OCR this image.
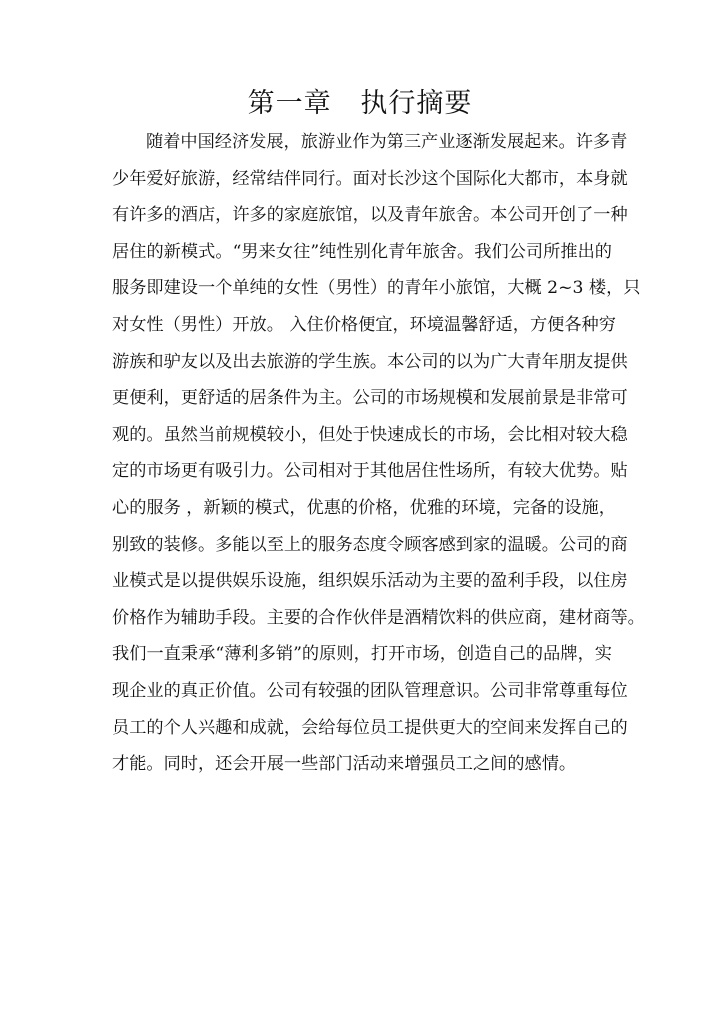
第一章   执行摘要
随着中国经济发展，旅游业作为第三产业逐渐发展起来。许多青
少年爱好旅游，经常结伴同行。面对长沙这个国际化大都市，本身就
有许多的酒店，许多的家庭旅馆，以及青年旅舍。本公司开创了一种
居住的新模式。“男来女往”纯性别化青年旅舍。我们公司所推出的
服务即建设一个单纯的女性（男性）的青年小旅馆，大概 2~3 楼，只
对女性（男性）开放。 入住价格便宜，环境温馨舒适，方便各种穷
游族和驴友以及出去旅游的学生族。本公司的以为广大青年朋友提供
更便利，更舒适的居条件为主。公司的市场规模和发展前景是非常可
观的。虽然当前规模较小，但处于快速成长的市场，会比相对较大稳
定的市场更有吸引力。公司相对于其他居住性场所，有较大优势。贴
心的服务 ，新颖的模式，优惠的价格，优雅的环境，完备的设施，
别致的装修。多能以至上的服务态度令顾客感到家的温暖。公司的商
业模式是以提供娱乐设施，组织娱乐活动为主要的盈利手段，以住房
价格作为辅助手段。主要的合作伙伴是酒精饮料的供应商，建材商等。
我们一直秉承“薄利多销”的原则，打开市场，创造自己的品牌，实
现企业的真正价值。公司有较强的团队管理意识。公司非常尊重每位
员工的个人兴趣和成就，会给每位员工提供更大的空间来发挥自己的
才能。同时，还会开展一些部门活动来增强员工之间的感情。
